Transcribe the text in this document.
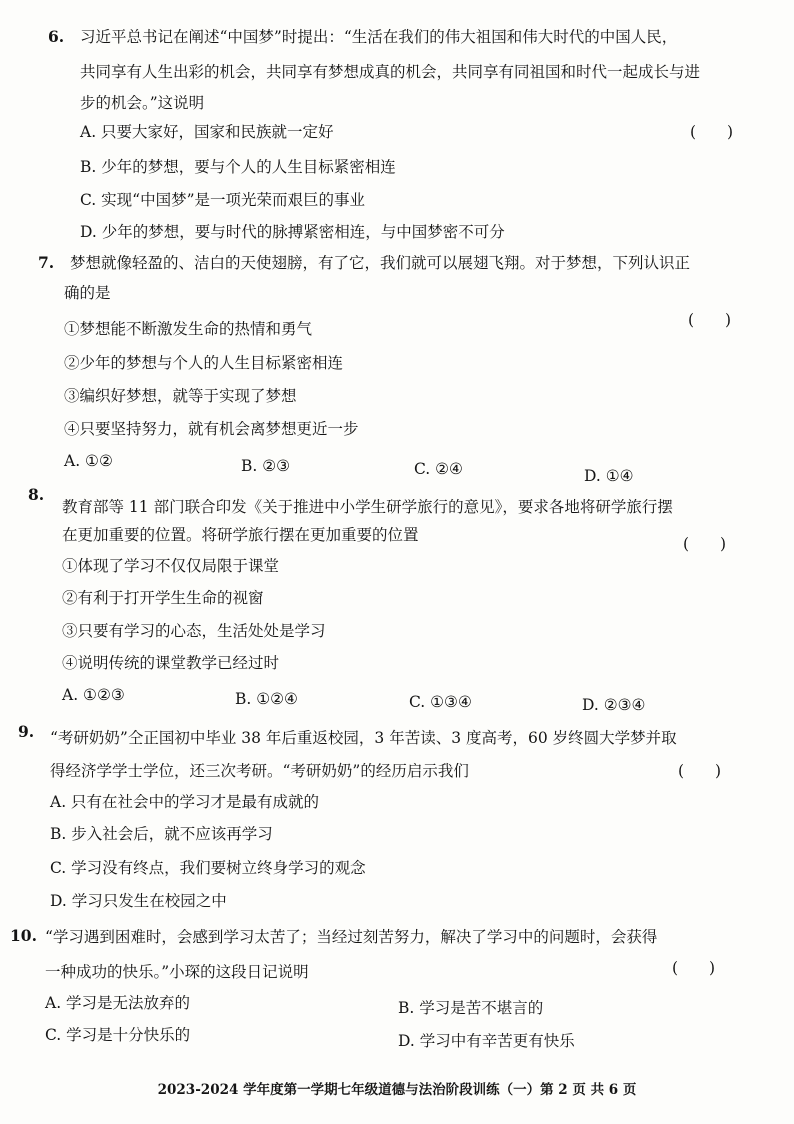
6. 习近平总书记在阐述“中国梦”时提出：“生活在我们的伟大祖国和伟大时代的中国人民，
共同享有人生出彩的机会，共同享有梦想成真的机会，共同享有同祖国和时代一起成长与进
步的机会。”这说明
(　　)
A. 只要大家好，国家和民族就一定好
B. 少年的梦想，要与个人的人生目标紧密相连
C. 实现“中国梦”是一项光荣而艰巨的事业
D. 少年的梦想，要与时代的脉搏紧密相连，与中国梦密不可分
7. 梦想就像轻盈的、洁白的天使翅膀，有了它，我们就可以展翅飞翔。对于梦想，下列认识正
确的是
(　　)
①梦想能不断激发生命的热情和勇气
②少年的梦想与个人的人生目标紧密相连
③编织好梦想，就等于实现了梦想
④只要坚持努力，就有机会离梦想更近一步
A. ①②	B. ②③	C. ②④	D. ①④
8.
教育部等 11 部门联合印发《关于推进中小学生研学旅行的意见》，要求各地将研学旅行摆
在更加重要的位置。将研学旅行摆在更加重要的位置	(　　)
①体现了学习不仅仅局限于课堂
②有利于打开学生生命的视窗
③只要有学习的心态，生活处处是学习
④说明传统的课堂教学已经过时
A. ①②③	B. ①②④	C. ①③④	D. ②③④
9. “考研奶奶”仝正国初中毕业 38 年后重返校园，3 年苦读、3 度高考，60 岁终圆大学梦并取
得经济学学士学位，还三次考研。“考研奶奶”的经历启示我们	(　　)
A. 只有在社会中的学习才是最有成就的
B. 步入社会后，就不应该再学习
C. 学习没有终点，我们要树立终身学习的观念
D. 学习只发生在校园之中
10. “学习遇到困难时，会感到学习太苦了；当经过刻苦努力，解决了学习中的问题时，会获得
一种成功的快乐。”小琛的这段日记说明	(　　)
A. 学习是无法放弃的	B. 学习是苦不堪言的
C. 学习是十分快乐的	D. 学习中有辛苦更有快乐
2023-2024 学年度第一学期七年级道德与法治阶段训练（一）第 2 页 共 6 页
